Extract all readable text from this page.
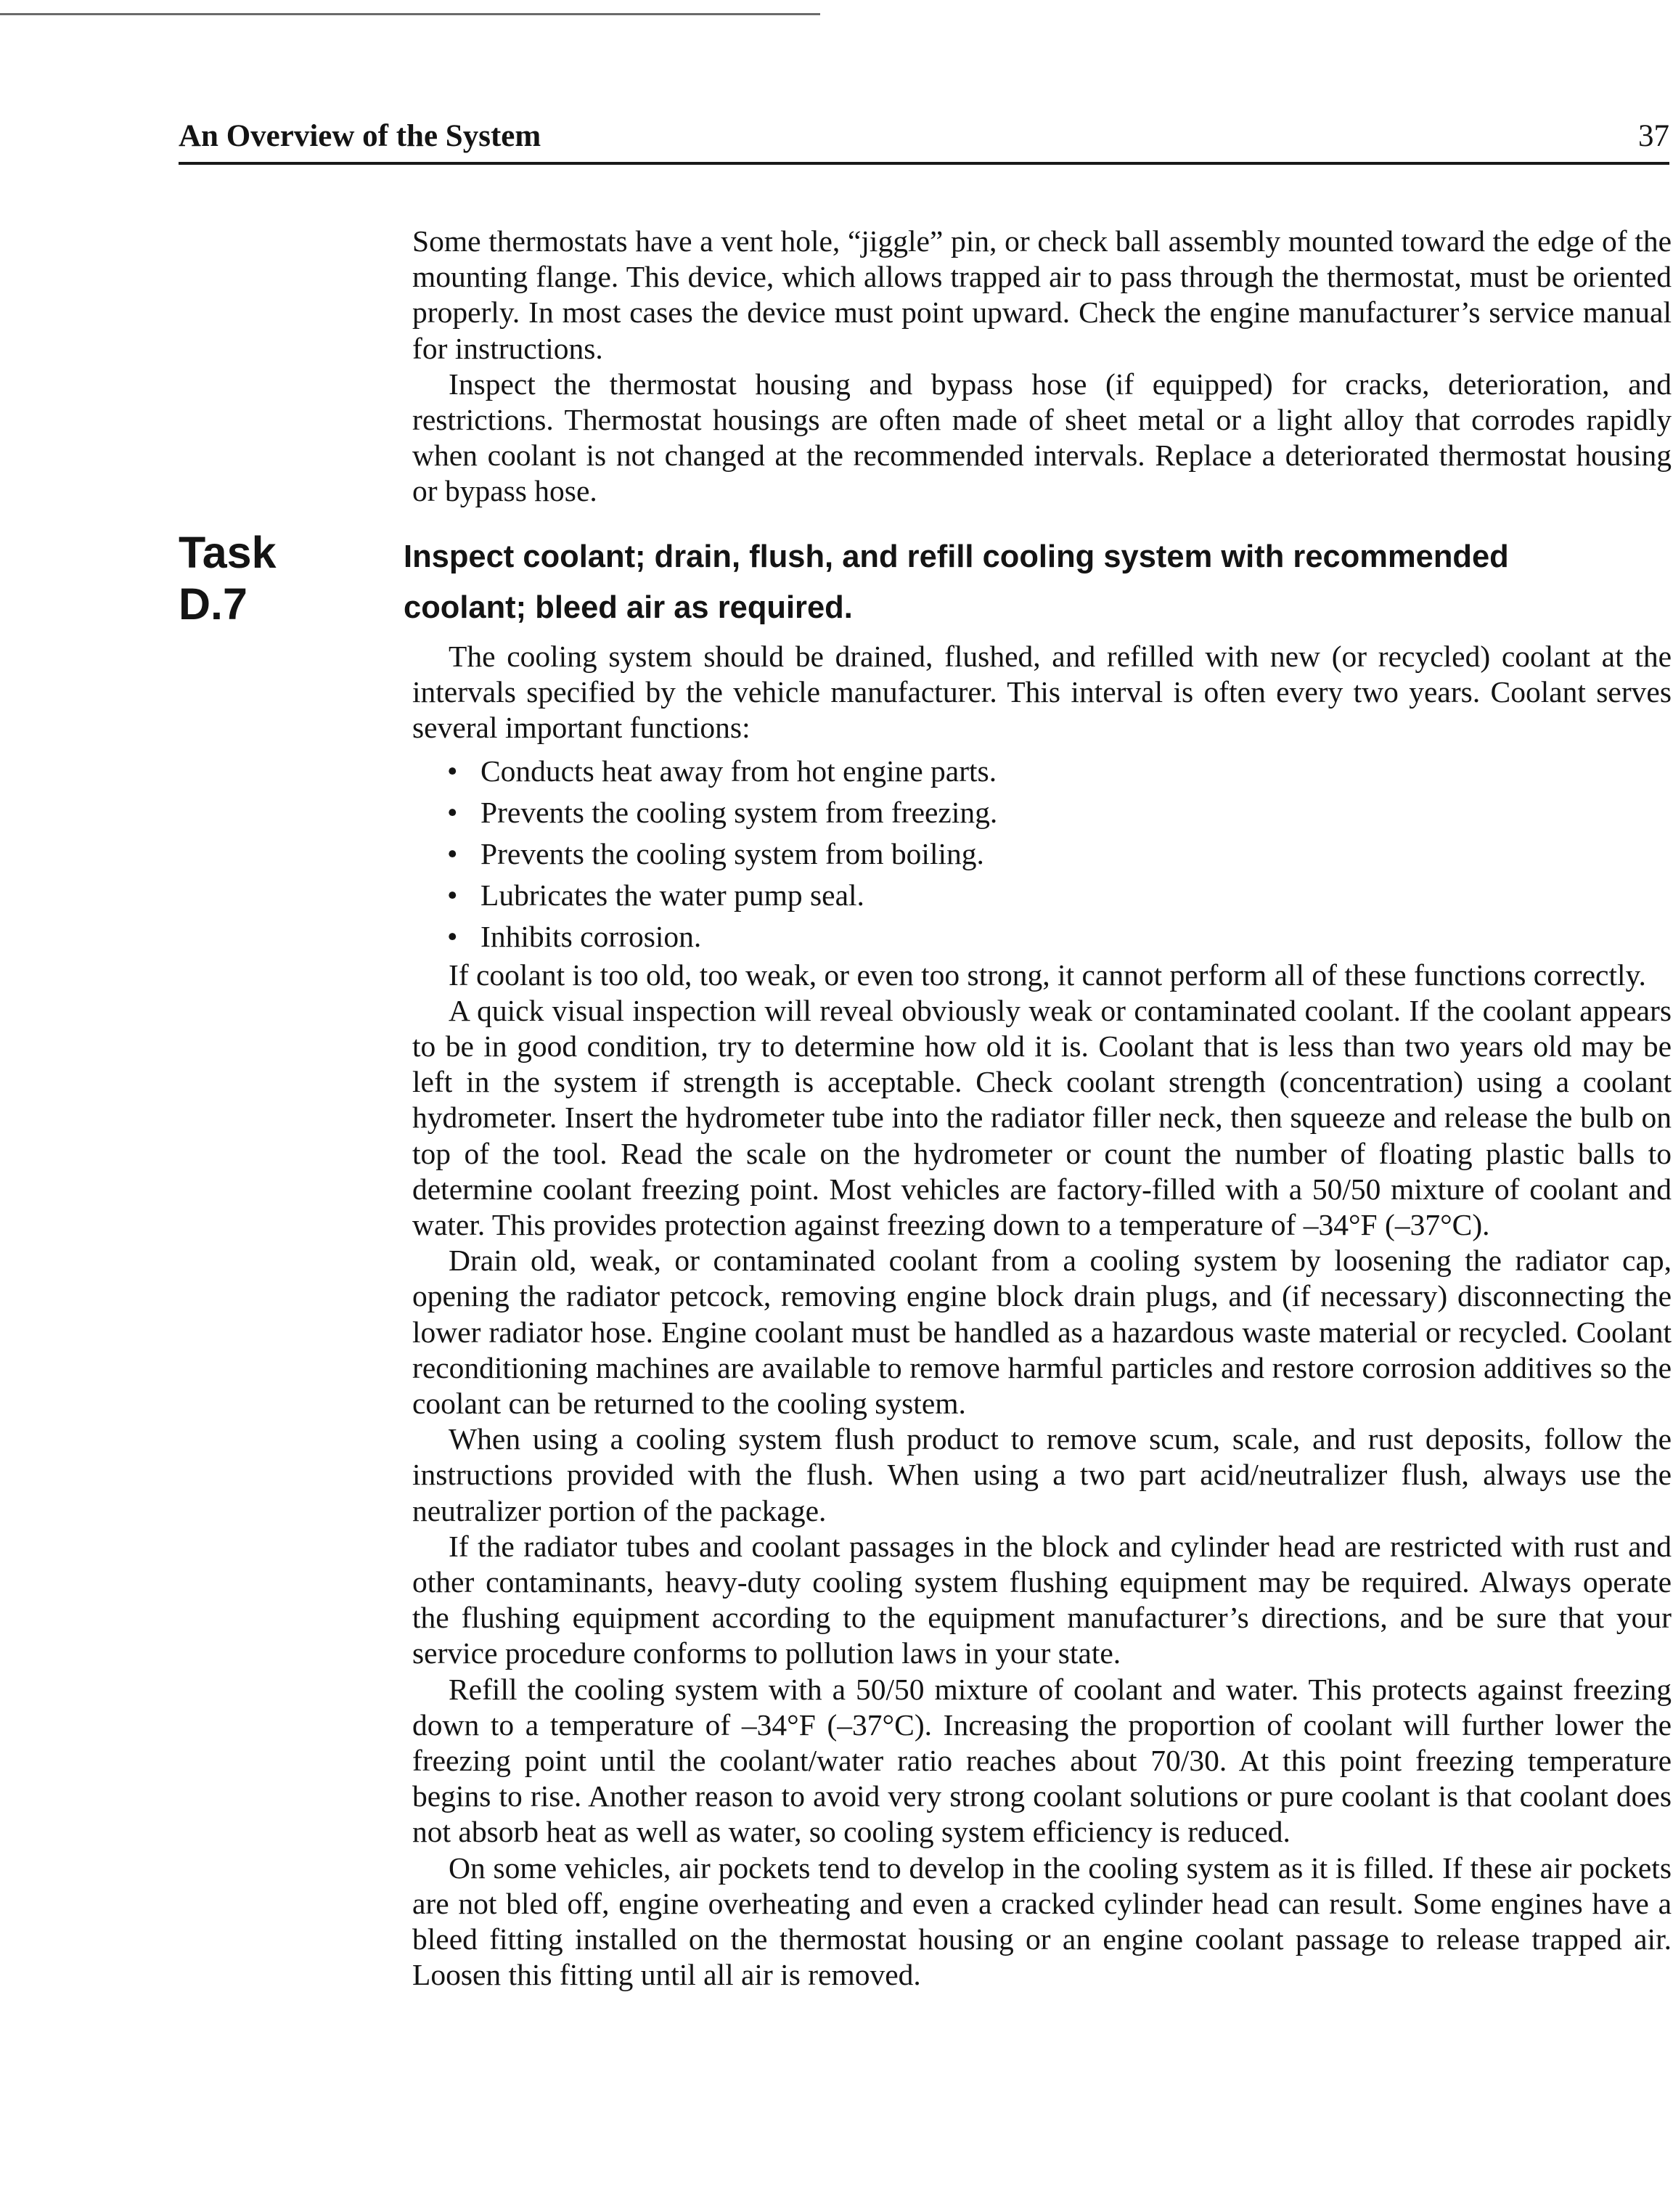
An Overview of the System	37

Some thermostats have a vent hole, “jiggle” pin, or check ball assembly mounted toward the edge of the mounting flange. This device, which allows trapped air to pass through the thermostat, must be oriented properly. In most cases the device must point upward. Check the engine manufacturer’s service manual for instructions.

Inspect the thermostat housing and bypass hose (if equipped) for cracks, deterioration, and restrictions. Thermostat housings are often made of sheet metal or a light alloy that corrodes rapidly when coolant is not changed at the recommended intervals. Replace a deteriorated thermostat housing or bypass hose.

Task
D.7
Inspect coolant; drain, flush, and refill cooling system with recommended coolant; bleed air as required.

The cooling system should be drained, flushed, and refilled with new (or recycled) coolant at the intervals specified by the vehicle manufacturer. This interval is often every two years. Coolant serves several important functions:

• Conducts heat away from hot engine parts.
• Prevents the cooling system from freezing.
• Prevents the cooling system from boiling.
• Lubricates the water pump seal.
• Inhibits corrosion.

If coolant is too old, too weak, or even too strong, it cannot perform all of these functions correctly.

A quick visual inspection will reveal obviously weak or contaminated coolant. If the coolant appears to be in good condition, try to determine how old it is. Coolant that is less than two years old may be left in the system if strength is acceptable. Check coolant strength (concentration) using a coolant hydrometer. Insert the hydrometer tube into the radiator filler neck, then squeeze and release the bulb on top of the tool. Read the scale on the hydrometer or count the number of floating plastic balls to determine coolant freezing point. Most vehicles are factory-filled with a 50/50 mixture of coolant and water. This provides protection against freezing down to a temperature of –34°F (–37°C).

Drain old, weak, or contaminated coolant from a cooling system by loosening the radiator cap, opening the radiator petcock, removing engine block drain plugs, and (if necessary) disconnecting the lower radiator hose. Engine coolant must be handled as a hazardous waste material or recycled. Coolant reconditioning machines are available to remove harmful particles and restore corrosion additives so the coolant can be returned to the cooling system.

When using a cooling system flush product to remove scum, scale, and rust deposits, follow the instructions provided with the flush. When using a two part acid/neutralizer flush, always use the neutralizer portion of the package.

If the radiator tubes and coolant passages in the block and cylinder head are restricted with rust and other contaminants, heavy-duty cooling system flushing equipment may be required. Always operate the flushing equipment according to the equipment manufacturer’s directions, and be sure that your service procedure conforms to pollution laws in your state.

Refill the cooling system with a 50/50 mixture of coolant and water. This protects against freezing down to a temperature of –34°F (–37°C). Increasing the proportion of coolant will further lower the freezing point until the coolant/water ratio reaches about 70/30. At this point freezing temperature begins to rise. Another reason to avoid very strong coolant solutions or pure coolant is that coolant does not absorb heat as well as water, so cooling system efficiency is reduced.

On some vehicles, air pockets tend to develop in the cooling system as it is filled. If these air pockets are not bled off, engine overheating and even a cracked cylinder head can result. Some engines have a bleed fitting installed on the thermostat housing or an engine coolant passage to release trapped air. Loosen this fitting until all air is removed.
